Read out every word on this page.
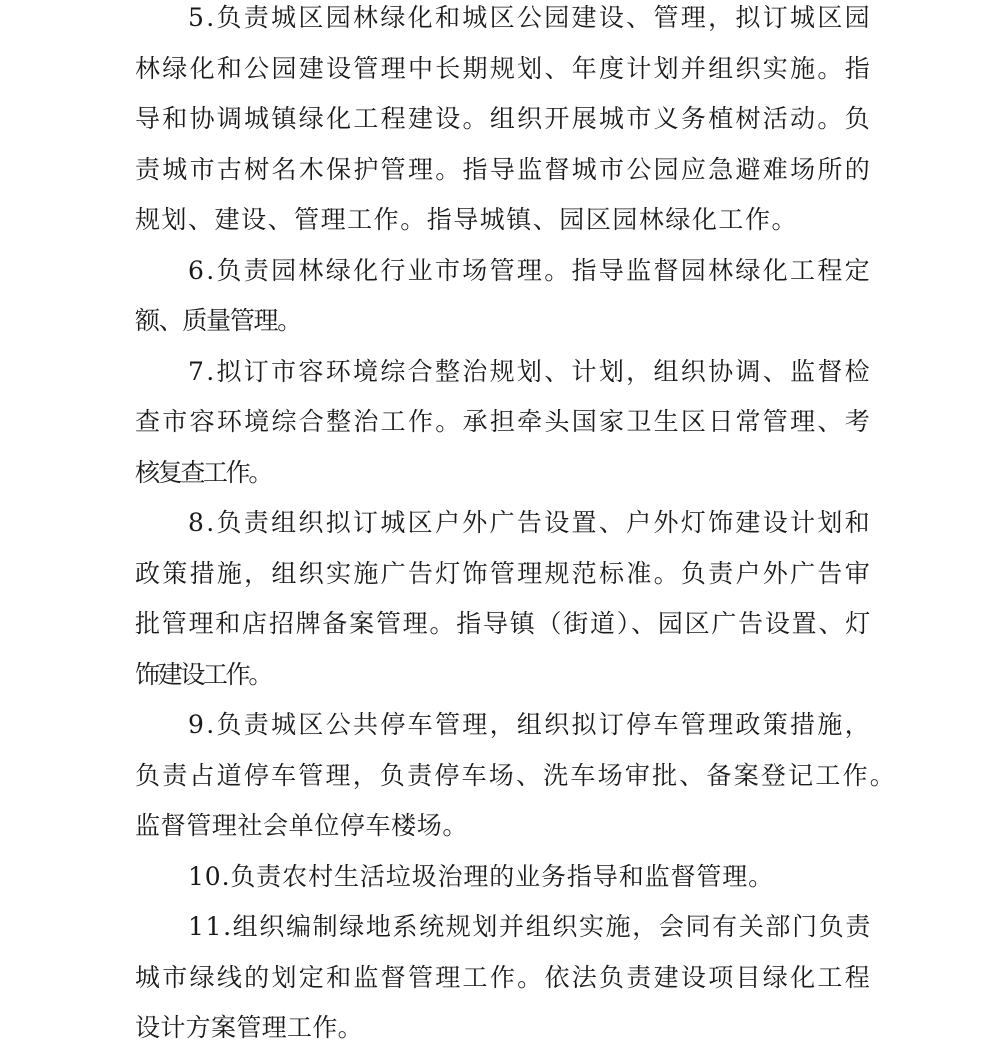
5.负责城区园林绿化和城区公园建设、管理，拟订城区园
林绿化和公园建设管理中长期规划、年度计划并组织实施。指
导和协调城镇绿化工程建设。组织开展城市义务植树活动。负
责城市古树名木保护管理。指导监督城市公园应急避难场所的
规划、建设、管理工作。指导城镇、园区园林绿化工作。
6.负责园林绿化行业市场管理。指导监督园林绿化工程定
额、质量管理。
7.拟订市容环境综合整治规划、计划，组织协调、监督检
查市容环境综合整治工作。承担牵头国家卫生区日常管理、考
核复查工作。
8.负责组织拟订城区户外广告设置、户外灯饰建设计划和
政策措施，组织实施广告灯饰管理规范标准。负责户外广告审
批管理和店招牌备案管理。指导镇（街道）、园区广告设置、灯
饰建设工作。
9.负责城区公共停车管理，组织拟订停车管理政策措施，
负责占道停车管理，负责停车场、洗车场审批、备案登记工作。
监督管理社会单位停车楼场。
10.负责农村生活垃圾治理的业务指导和监督管理。
11.组织编制绿地系统规划并组织实施，会同有关部门负责
城市绿线的划定和监督管理工作。依法负责建设项目绿化工程
设计方案管理工作。
